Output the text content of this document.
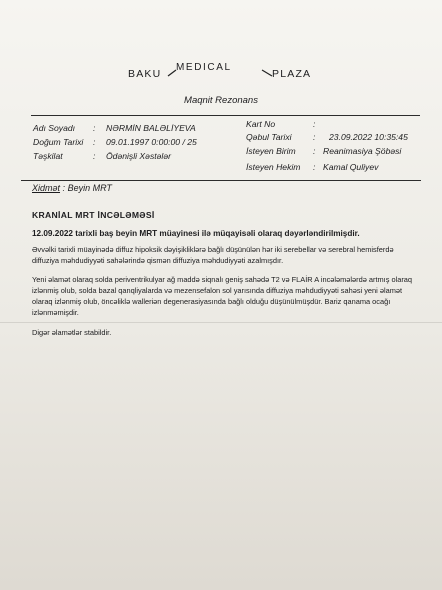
BAKU
MEDICAL
PLAZA
Maqnit Rezonans
Adı Soyadı : NƏRMİN BALƏLİYEVA	Kart No	:
Doğum Tarixi : 09.01.1997 0:00:00 / 25	Qəbul Tarixi : 23.09.2022 10:35:45
Təşkilat	: Ödənişli Xəstələr	İsteyen Birim : Reanimasiya Şöbəsi
İsteyen Hekim : Kamal Quliyev
Xidmət : Beyin MRT
KRANİAL MRT İNCƏLƏMƏSİ
12.09.2022 tarixli baş beyin MRT müayinesi ilə müqayisəli olaraq dəyərləndirilmişdir.
Əvvəlki tarixli müayinədə diffuz hipoksik dəyişikliklərə bağlı düşünülən hər iki serebellar və serebral hemisferdə diffuziya məhdudiyyəti sahələrində qismən diffuziya məhdudiyyəti azalmışdır.
Yeni əlamət olaraq solda periventrikulyar ağ maddə siqnalı geniş sahədə T2 və FLAİR A incələmələrdə artmış olaraq izlənmiş olub, solda bazal qanqliyalarda və mezensefalon sol yarısında diffuziya məhdudiyyəti sahəsi yeni əlamət olaraq izlənmiş olub, öncəliklə walleriən degenerasiyasında bağlı olduğu düşünülmüşdür. Bariz qanama ocağı izlənməmişdir.
Digər əlamətlər stabildir.
